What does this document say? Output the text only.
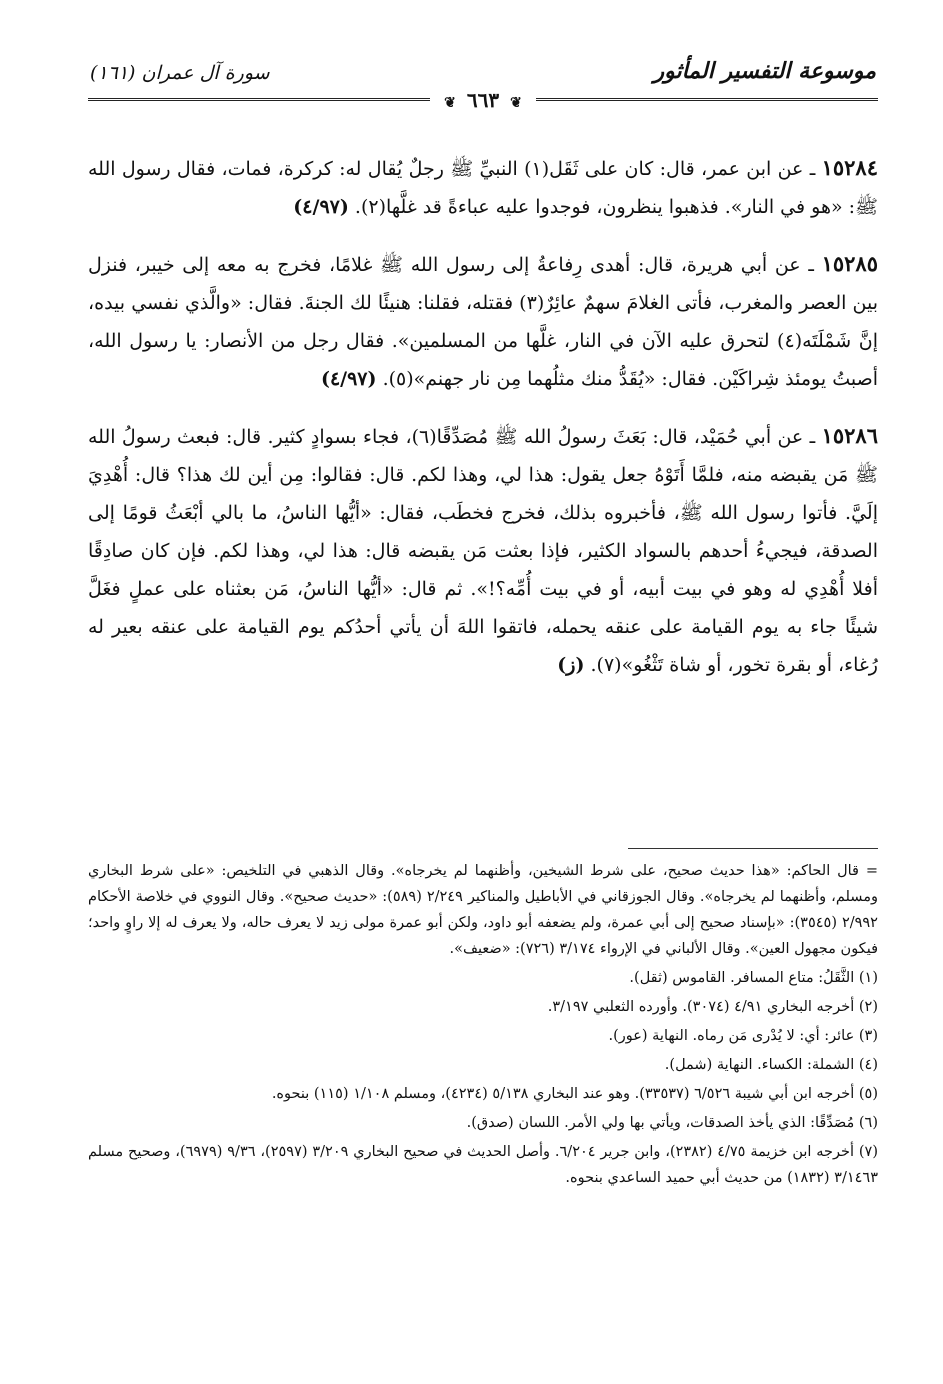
موسوعة التفسير المأثور
سورة آل عمران (١٦١)
❦ ٦٦٣ ❦

١٥٢٨٤ ـ عن ابن عمر، قال: كان على ثَقَل(١) النبيِّ ﷺ رجلٌ يُقال له: كركرة، فمات، فقال رسول الله ﷺ: «هو في النار». فذهبوا ينظرون، فوجدوا عليه عباءةً قد غلَّها(٢). (٤/٩٧)

١٥٢٨٥ ـ عن أبي هريرة، قال: أهدى رِفاعةُ إلى رسول الله ﷺ غلامًا، فخرج به معه إلى خيبر، فنزل بين العصر والمغرب، فأتى الغلامَ سهمٌ عائِرٌ(٣) فقتله، فقلنا: هنيئًا لك الجنةَ. فقال: «والَّذي نفسي بيده، إنَّ شَمْلَتَه(٤) لتحرق عليه الآن في النار، غلَّها من المسلمين». فقال رجل من الأنصار: يا رسول الله، أصبتُ يومئذ شِراكَيْن. فقال: «يُقَدُّ منك مثلُهما مِن نار جهنم»(٥). (٤/٩٧)

١٥٢٨٦ ـ عن أبي حُمَيْد، قال: بَعَثَ رسولُ الله ﷺ مُصَدِّقًا(٦)، فجاء بسوادٍ كثير. قال: فبعث رسولُ الله ﷺ مَن يقبضه منه، فلمَّا أَتَوْهُ جعل يقول: هذا لي، وهذا لكم. قال: فقالوا: مِن أين لك هذا؟ قال: أُهْدِيَ إلَيَّ. فأتوا رسول الله ﷺ، فأخبروه بذلك، فخرج فخطَب، فقال: «أيُّها الناسُ، ما بالي أبْعَثُ قومًا إلى الصدقة، فيجيءُ أحدهم بالسواد الكثير، فإذا بعثت مَن يقبضه قال: هذا لي، وهذا لكم. فإن كان صادِقًا أفلا أُهْدِي له وهو في بيت أبيه، أو في بيت أُمِّه؟!». ثم قال: «أيُّها الناسُ، مَن بعثناه على عملٍ فغَلَّ شيئًا جاء به يوم القيامة على عنقه يحمله، فاتقوا اللهَ أن يأتي أحدُكم يوم القيامة على عنقه بعير له رُغاء، أو بقرة تخور، أو شاة تَثْغُو»(٧). (ز)

= قال الحاكم: «هذا حديث صحيح، على شرط الشيخين، وأظنهما لم يخرجاه». وقال الذهبي في التلخيص: «على شرط البخاري ومسلم، وأظنهما لم يخرجاه». وقال الجوزقاني في الأباطيل والمناكير ٢/٢٤٩ (٥٨٩): «حديث صحيح». وقال النووي في خلاصة الأحكام ٢/٩٩٢ (٣٥٤٥): «بإسناد صحيح إلى أبي عمرة، ولم يضعفه أبو داود، ولكن أبو عمرة مولى زيد لا يعرف حاله، ولا يعرف له إلا راوٍ واحد؛ فيكون مجهول العين». وقال الألباني في الإرواء ٣/١٧٤ (٧٢٦): «ضعيف».

(١) الثَّقَلُ: متاع المسافر. القاموس (ثقل).

(٢) أخرجه البخاري ٤/٩١ (٣٠٧٤). وأورده الثعلبي ٣/١٩٧.

(٣) عائر: أي: لا يُدْرى مَن رماه. النهاية (عور).

(٤) الشملة: الكساء. النهاية (شمل).

(٥) أخرجه ابن أبي شيبة ٦/٥٢٦ (٣٣٥٣٧). وهو عند البخاري ٥/١٣٨ (٤٢٣٤)، ومسلم ١/١٠٨ (١١٥) بنحوه.

(٦) مُصَدِّقًا: الذي يأخذ الصدقات، ويأتي بها ولي الأمر. اللسان (صدق).

(٧) أخرجه ابن خزيمة ٤/٧٥ (٢٣٨٢)، وابن جرير ٦/٢٠٤. وأصل الحديث في صحيح البخاري ٣/٢٠٩ (٢٥٩٧)، ٩/٣٦ (٦٩٧٩)، وصحيح مسلم ٣/١٤٦٣ (١٨٣٢) من حديث أبي حميد الساعدي بنحوه.
